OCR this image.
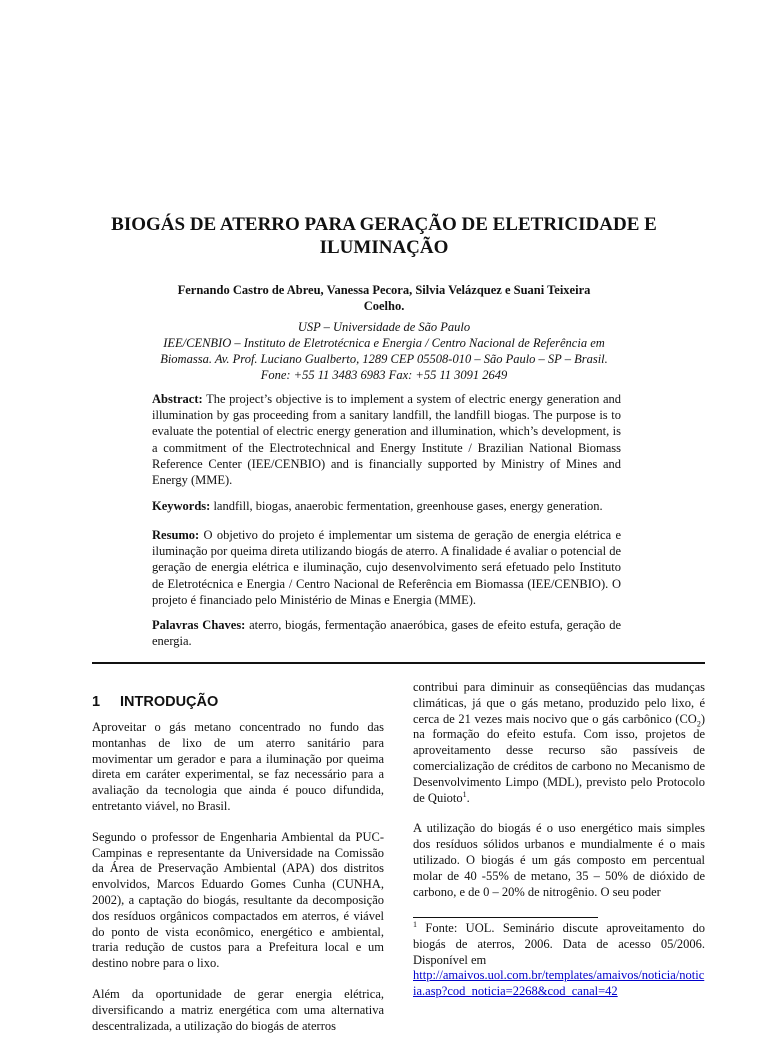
BIOGÁS DE ATERRO PARA GERAÇÃO DE ELETRICIDADE E
ILUMINAÇÃO
Fernando Castro de Abreu, Vanessa Pecora, Silvia Velázquez e Suani Teixeira
Coelho.
USP – Universidade de São Paulo
IEE/CENBIO – Instituto de Eletrotécnica e Energia / Centro Nacional de Referência em
Biomassa. Av. Prof. Luciano Gualberto, 1289 CEP 05508-010 – São Paulo – SP – Brasil.
Fone: +55 11 3483 6983 Fax: +55 11 3091 2649
Abstract: The project’s objective is to implement a system of electric energy generation and illumination by gas proceeding from a sanitary landfill, the landfill biogas. The purpose is to evaluate the potential of electric energy generation and illumination, which’s development, is a commitment of the Electrotechnical and Energy Institute / Brazilian National Biomass Reference Center (IEE/CENBIO) and is financially supported by Ministry of Mines and Energy (MME).
Keywords: landfill, biogas, anaerobic fermentation, greenhouse gases, energy generation.
Resumo: O objetivo do projeto é implementar um sistema de geração de energia elétrica e iluminação por queima direta utilizando biogás de aterro. A finalidade é avaliar o potencial de geração de energia elétrica e iluminação, cujo desenvolvimento será efetuado pelo Instituto de Eletrotécnica e Energia / Centro Nacional de Referência em Biomassa (IEE/CENBIO). O projeto é financiado pelo Ministério de Minas e Energia (MME).
Palavras Chaves: aterro, biogás, fermentação anaeróbica, gases de efeito estufa, geração de energia.
1 INTRODUÇÃO

Aproveitar o gás metano concentrado no fundo das montanhas de lixo de um aterro sanitário para movimentar um gerador e para a iluminação por queima direta em caráter experimental, se faz necessário para a avaliação da tecnologia que ainda é pouco difundida, entretanto viável, no Brasil.

Segundo o professor de Engenharia Ambiental da PUC-Campinas e representante da Universidade na Comissão da Área de Preservação Ambiental (APA) dos distritos envolvidos, Marcos Eduardo Gomes Cunha (CUNHA, 2002), a captação do biogás, resultante da decomposição dos resíduos orgânicos compactados em aterros, é viável do ponto de vista econômico, energético e ambiental, traria redução de custos para a Prefeitura local e um destino nobre para o lixo.

Além da oportunidade de gerar energia elétrica, diversificando a matriz energética com uma alternativa descentralizada, a utilização do biogás de aterros

contribui para diminuir as conseqüências das mudanças climáticas, já que o gás metano, produzido pelo lixo, é cerca de 21 vezes mais nocivo que o gás carbônico $(CO_2)$ na formação do efeito estufa. Com isso, projetos de aproveitamento desse recurso são passíveis de comercialização de créditos de carbono no Mecanismo de Desenvolvimento Limpo (MDL), previsto pelo Protocolo de Quioto$^1$.

A utilização do biogás é o uso energético mais simples dos resíduos sólidos urbanos e mundialmente é o mais utilizado. O biogás é um gás composto em percentual molar de 40 -55% de metano, 35 – 50% de dióxido de carbono, e de 0 – 20% de nitrogênio. O seu poder

$^1$ Fonte: UOL. Seminário discute aproveitamento do biogás de aterros, 2006. Data de acesso 05/2006. Disponível em
http://amaivos.uol.com.br/templates/amaivos/noticia/noticia.asp?cod_noticia=2268&cod_canal=42
